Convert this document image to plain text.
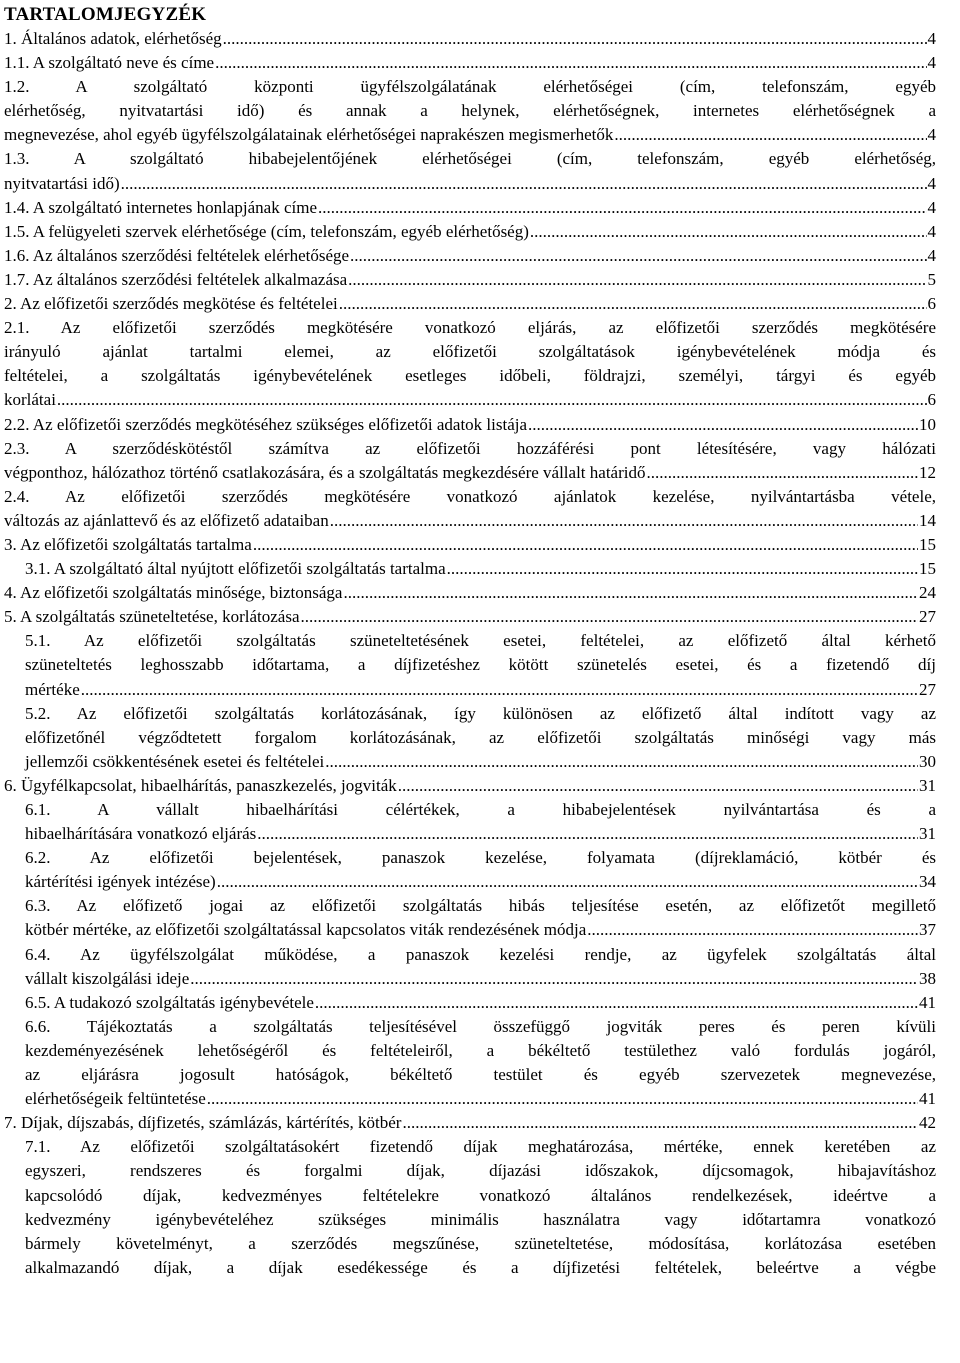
TARTALOMJEGYZÉK
1. Általános adatok, elérhetőség .....	4
1.1. A szolgáltató neve és címe .....	4
1.2. A szolgáltató központi ügyfélszolgálatának elérhetőségei (cím, telefonszám, egyéb
elérhetőség, nyitvatartási idő) és annak a helynek, elérhetőségnek, internetes elérhetőségnek a
megnevezése, ahol egyéb ügyfélszolgálatainak elérhetőségei naprakészen megismerhetők .....	4
1.3. A szolgáltató hibabejelentőjének elérhetőségei (cím, telefonszám, egyéb elérhetőség,
nyitvatartási idő) .....	4
1.4. A szolgáltató internetes honlapjának címe .....	4
1.5. A felügyeleti szervek elérhetősége (cím, telefonszám, egyéb elérhetőség) .....	4
1.6. Az általános szerződési feltételek elérhetősége .....	4
1.7. Az általános szerződési feltételek alkalmazása .....	5
2. Az előfizetői szerződés megkötése és feltételei .....	6
2.1. Az előfizetői szerződés megkötésére vonatkozó eljárás, az előfizetői szerződés megkötésére
irányuló ajánlat tartalmi elemei, az előfizetői szolgáltatások igénybevételének módja és
feltételei, a szolgáltatás igénybevételének esetleges időbeli, földrajzi, személyi, tárgyi és egyéb
korlátai .....	6
2.2. Az előfizetői szerződés megkötéséhez szükséges előfizetői adatok listája .....	10
2.3. A szerződéskötéstől számítva az előfizetői hozzáférési pont létesítésére, vagy hálózati
végponthoz, hálózathoz történő csatlakozására, és a szolgáltatás megkezdésére vállalt határidő .....	12
2.4. Az előfizetői szerződés megkötésére vonatkozó ajánlatok kezelése, nyilvántartásba vétele,
változás az ajánlattevő és az előfizető adataiban .....	14
3. Az előfizetői szolgáltatás tartalma .....	15
3.1. A szolgáltató által nyújtott előfizetői szolgáltatás tartalma .....	15
4. Az előfizetői szolgáltatás minősége, biztonsága .....	24
5. A szolgáltatás szüneteltetése, korlátozása .....	27
5.1. Az előfizetői szolgáltatás szüneteltetésének esetei, feltételei, az előfizető által kérhető
szüneteltetés leghosszabb időtartama, a díjfizetéshez kötött szünetelés esetei, és a fizetendő díj
mértéke .....	27
5.2. Az előfizetői szolgáltatás korlátozásának, így különösen az előfizető által indított vagy az
előfizetőnél végződtetett forgalom korlátozásának, az előfizetői szolgáltatás minőségi vagy más
jellemzői csökkentésének esetei és feltételei .....	30
6. Ügyfélkapcsolat, hibaelhárítás, panaszkezelés, jogviták .....	31
6.1. A vállalt hibaelhárítási célértékek, a hibabejelentések nyilvántartása és a
hibaelhárítására vonatkozó eljárás .....	31
6.2. Az előfizetői bejelentések, panaszok kezelése, folyamata (díjreklamáció, kötbér és
kártérítési igények intézése) .....	34
6.3. Az előfizető jogai az előfizetői szolgáltatás hibás teljesítése esetén, az előfizetőt megillető
kötbér mértéke, az előfizetői szolgáltatással kapcsolatos viták rendezésének módja .....	37
6.4. Az ügyfélszolgálat működése, a panaszok kezelési rendje, az ügyfelek szolgáltatás által
vállalt kiszolgálási ideje .....	38
6.5. A tudakozó szolgáltatás igénybevétele .....	41
6.6. Tájékoztatás a szolgáltatás teljesítésével összefüggő jogviták peres és peren kívüli
kezdeményezésének lehetőségéről és feltételeiről, a békéltető testülethez való fordulás jogáról,
az eljárásra jogosult hatóságok, békéltető testület és egyéb szervezetek megnevezése,
elérhetőségeik feltüntetése .....	41
7. Díjak, díjszabás, díjfizetés, számlázás, kártérítés, kötbér .....	42
7.1. Az előfizetői szolgáltatásokért fizetendő díjak meghatározása, mértéke, ennek keretében az
egyszeri, rendszeres és forgalmi díjak, díjazási időszakok, díjcsomagok, hibajavításhoz
kapcsolódó díjak, kedvezményes feltételekre vonatkozó általános rendelkezések, ideértve a
kedvezmény igénybevételéhez szükséges minimális használatra vagy időtartamra vonatkozó
bármely követelményt, a szerződés megszűnése, szüneteltetése, módosítása, korlátozása esetében
alkalmazandó díjak, a díjak esedékessége és a díjfizetési feltételek, beleértve a végbe
